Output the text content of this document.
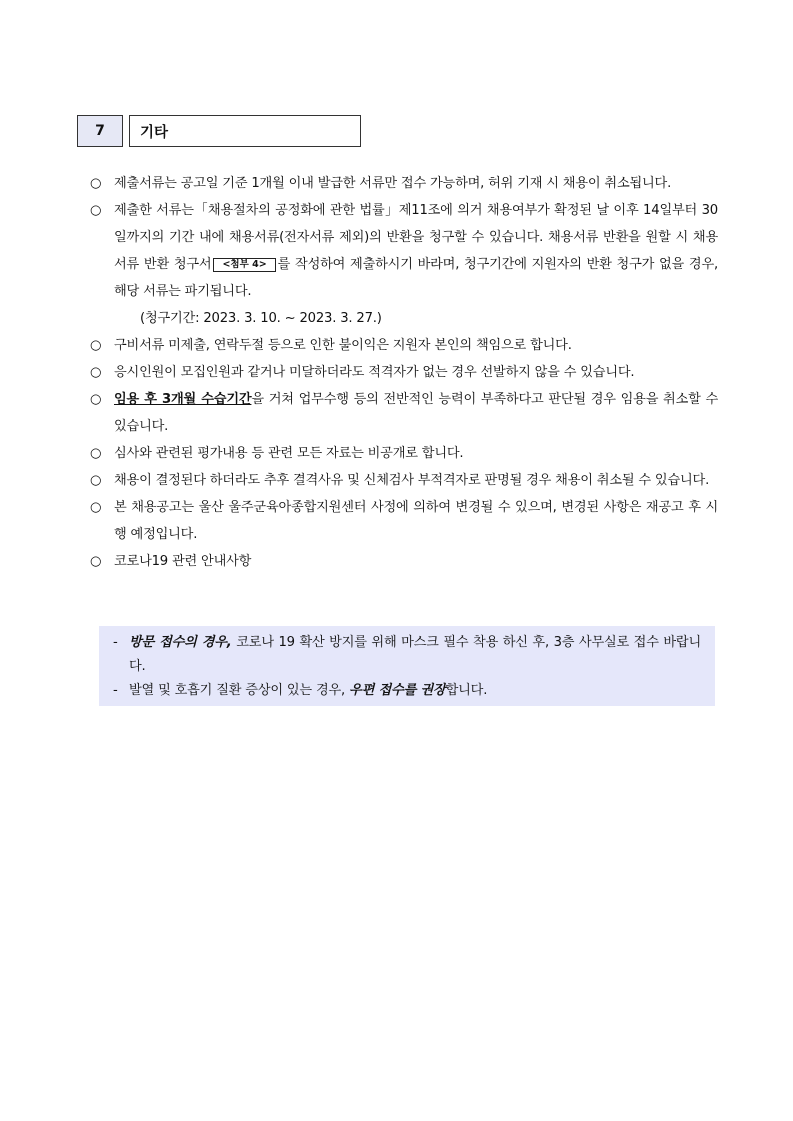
7	기타
○ 제출서류는 공고일 기준 1개월 이내 발급한 서류만 접수 가능하며, 허위 기재 시 채용이 취소됩니다.
○ 제출한 서류는「채용절차의 공정화에 관한 법률」제11조에 의거 채용여부가 확정된 날 이후 14일부터 30일까지의 기간 내에 채용서류(전자서류 제외)의 반환을 청구할 수 있습니다. 채용서류 반환을 원할 시 채용서류 반환 청구서 <첨부 4> 를 작성하여 제출하시기 바라며, 청구기간에 지원자의 반환 청구가 없을 경우, 해당 서류는 파기됩니다.
(청구기간: 2023. 3. 10. ~ 2023. 3. 27.)
○ 구비서류 미제출, 연락두절 등으로 인한 불이익은 지원자 본인의 책임으로 합니다.
○ 응시인원이 모집인원과 같거나 미달하더라도 적격자가 없는 경우 선발하지 않을 수 있습니다.
○ 임용 후 3개월 수습기간을 거쳐 업무수행 등의 전반적인 능력이 부족하다고 판단될 경우 임용을 취소할 수 있습니다.
○ 심사와 관련된 평가내용 등 관련 모든 자료는 비공개로 합니다.
○ 채용이 결정된다 하더라도 추후 결격사유 및 신체검사 부적격자로 판명될 경우 채용이 취소될 수 있습니다.
○ 본 채용공고는 울산 울주군육아종합지원센터 사정에 의하여 변경될 수 있으며, 변경된 사항은 재공고 후 시행 예정입니다.
○ 코로나19 관련 안내사항
- 방문 접수의 경우, 코로나 19 확산 방지를 위해 마스크 필수 착용 하신 후, 3층 사무실로 접수 바랍니다.
- 발열 및 호흡기 질환 증상이 있는 경우, 우편 접수를 권장합니다.
